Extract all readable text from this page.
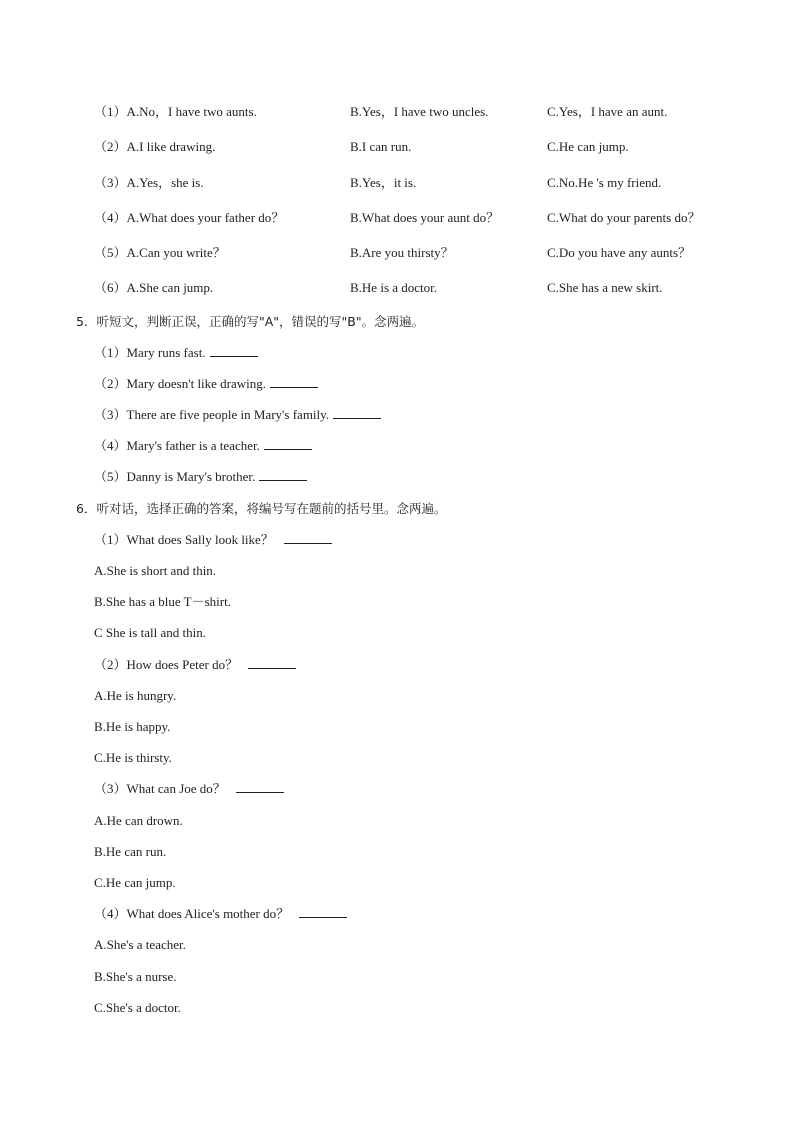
（1）A.No，I have two aunts.	B.Yes，I have two uncles.	C.Yes，I have an aunt.
（2）A.I like drawing.	B.I can run.	C.He can jump.
（3）A.Yes，she is.	B.Yes，it is.	C.No.He 's my friend.
（4）A.What does your father do？	B.What does your aunt do？	C.What do your parents do？
（5）A.Can you write？	B.Are you thirsty？	C.Do you have any aunts？
（6）A.She can jump.	B.He is a doctor.	C.She has a new skirt.
5．听短文，判断正误，正确的写"A"，错误的写"B"。念两遍。
（1）Mary runs fast.
（2）Mary doesn't like drawing.
（3）There are five people in Mary's family.
（4）Mary's father is a teacher.
（5）Danny is Mary's brother.
6．听对话，选择正确的答案，将编号写在题前的括号里。念两遍。
（1）What does Sally look like？
A.She is short and thin.
B.She has a blue T－shirt.
C She is tall and thin.
（2）How does Peter do？
A.He is hungry.
B.He is happy.
C.He is thirsty.
（3）What can Joe do？
A.He can drown.
B.He can run.
C.He can jump.
（4）What does Alice's mother do？
A.She's a teacher.
B.She's a nurse.
C.She's a doctor.
